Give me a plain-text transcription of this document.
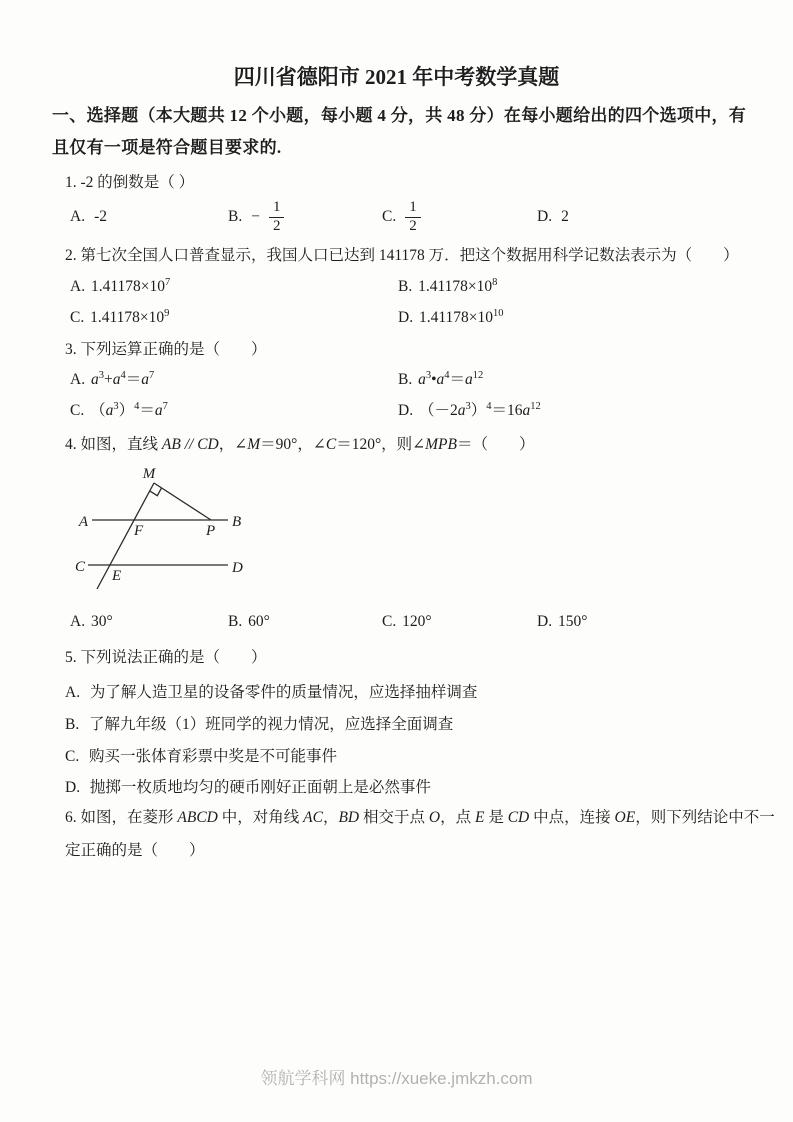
四川省德阳市 2021 年中考数学真题
一、选择题（本大题共 12 个小题，每小题 4 分，共 48 分）在每小题给出的四个选项中，有
且仅有一项是符合题目要求的.
1. -2 的倒数是（ ）
A. -2	B. − $\frac{1}{2}$	C. $\frac{1}{2}$	D. 2
2. 第七次全国人口普查显示，我国人口已达到 141178 万．把这个数据用科学记数法表示为（　　）
A. $1.41178\times 10^7$	B. $1.41178\times 10^8$
C. $1.41178\times 10^9$	D. $1.41178\times 10^{10}$
3. 下列运算正确的是（　　）
A. $a^3+a^4=a^7$	B. $a^3•a^4=a^{12}$
C. $(a^3)^4=a^7$	D. $(-2a^3)^4=16a^{12}$
4. 如图，直线 AB // CD，∠M＝90°，∠C＝120°，则∠MPB＝（　　）
M
A	B
F	P
C	D
E
A. 30°	B. 60°	C. 120°	D. 150°
5. 下列说法正确的是（　　）
A. 为了解人造卫星的设备零件的质量情况，应选择抽样调查
B. 了解九年级（1）班同学的视力情况，应选择全面调查
C. 购买一张体育彩票中奖是不可能事件
D. 抛掷一枚质地均匀的硬币刚好正面朝上是必然事件
6. 如图，在菱形 ABCD 中，对角线 AC，BD 相交于点 O，点 E 是 CD 中点，连接 OE，则下列结论中不一
定正确的是（　　）
领航学科网 https://xueke.jmkzh.com
